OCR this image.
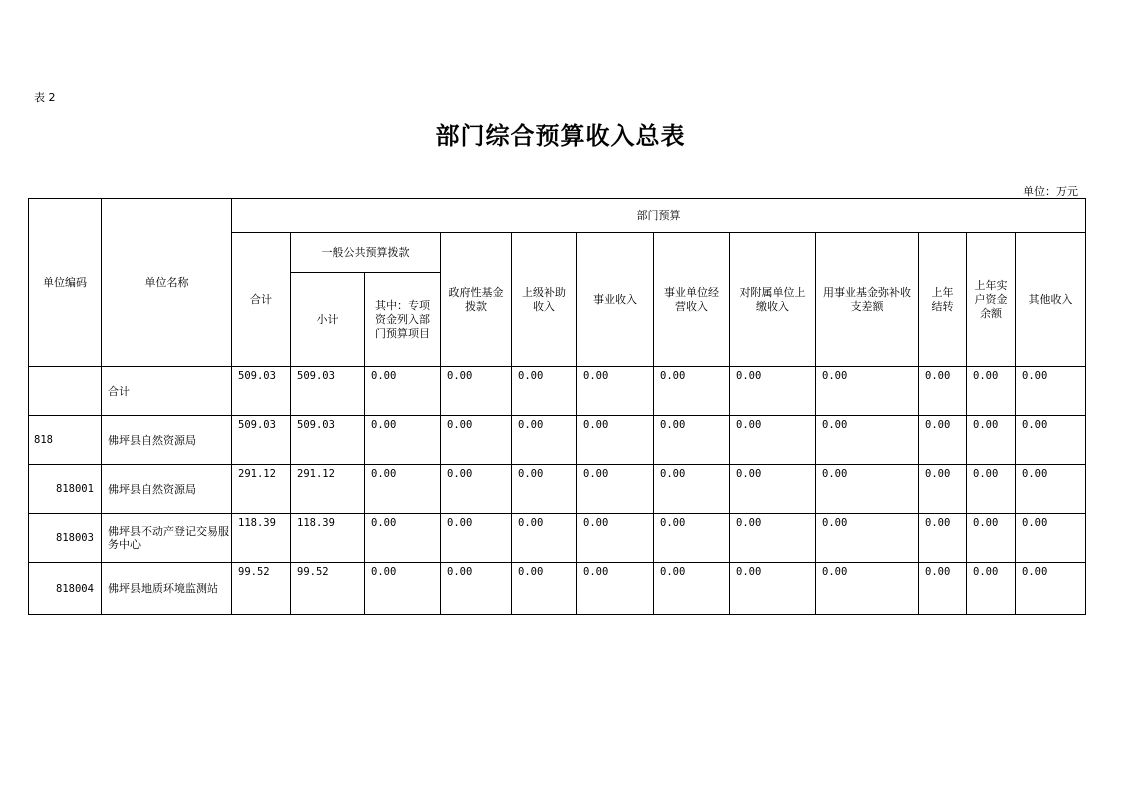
表 2
部门综合预算收入总表
单位：万元
单位编码	单位名称	部门预算											
		合计	一般公共预算拨款		政府性基金拨款	上级补助收入	事业收入	事业单位经营收入	对附属单位上缴收入	用事业基金弥补收支差额	上年结转	上年实户资金余额	其他收入
			小计	其中：专项资金列入部门预算项目									
	合计	509.03	509.03	0.00	0.00	0.00	0.00	0.00	0.00	0.00	0.00	0.00	0.00
818	佛坪县自然资源局	509.03	509.03	0.00	0.00	0.00	0.00	0.00	0.00	0.00	0.00	0.00	0.00
818001	佛坪县自然资源局	291.12	291.12	0.00	0.00	0.00	0.00	0.00	0.00	0.00	0.00	0.00	0.00
818003	佛坪县不动产登记交易服务中心	118.39	118.39	0.00	0.00	0.00	0.00	0.00	0.00	0.00	0.00	0.00	0.00
818004	佛坪县地质环境监测站	99.52	99.52	0.00	0.00	0.00	0.00	0.00	0.00	0.00	0.00	0.00	0.00
